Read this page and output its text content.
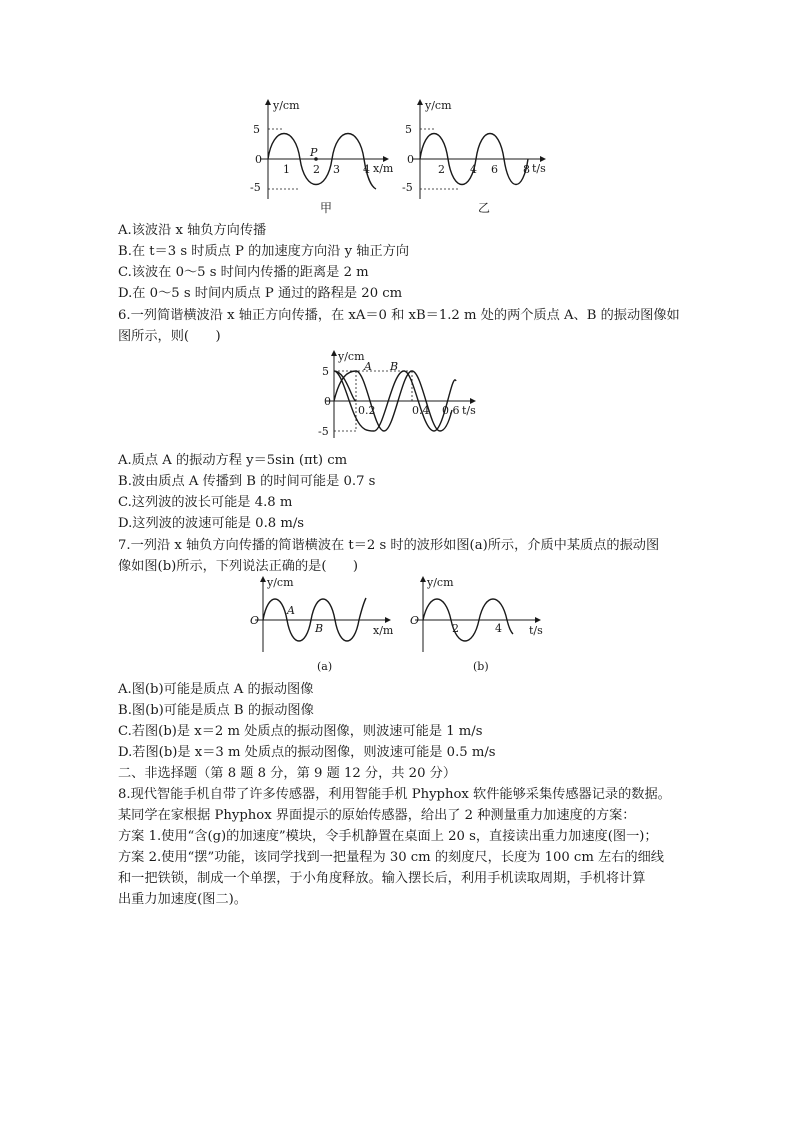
y/cm
5
0
-5
1 2 3 4 x/m
P
甲
y/cm
5
0
-5
2 4 6 8 t/s
乙
A.该波沿 x 轴负方向传播
B.在 t＝3 s 时质点 P 的加速度方向沿 y 轴正方向
C.该波在 0～5 s 时间内传播的距离是 2 m
D.在 0～5 s 时间内质点 P 通过的路程是 20 cm
6.一列简谐横波沿 x 轴正方向传播，在 xA＝0 和 xB＝1.2 m 处的两个质点 A、B 的振动图像如
图所示，则(　　)
y/cm
5
0
-5
A B
0.2	0.4 0.6 t/s
A.质点 A 的振动方程 y＝5sin (πt) cm
B.波由质点 A 传播到 B 的时间可能是 0.7 s
C.这列波的波长可能是 4.8 m
D.这列波的波速可能是 0.8 m/s
7.一列沿 x 轴负方向传播的简谐横波在 t＝2 s 时的波形如图(a)所示，介质中某质点的振动图
像如图(b)所示，下列说法正确的是(　　)
y/cm
O
A
B	x/m
(a)
y/cm
O
2	4 t/s
(b)
A.图(b)可能是质点 A 的振动图像
B.图(b)可能是质点 B 的振动图像
C.若图(b)是 x＝2 m 处质点的振动图像，则波速可能是 1 m/s
D.若图(b)是 x＝3 m 处质点的振动图像，则波速可能是 0.5 m/s
二、非选择题（第 8 题 8 分，第 9 题 12 分，共 20 分）
8.现代智能手机自带了许多传感器，利用智能手机 Phyphox 软件能够采集传感器记录的数据。
某同学在家根据 Phyphox 界面提示的原始传感器，给出了 2 种测量重力加速度的方案：
方案 1.使用“含(g)的加速度”模块，令手机静置在桌面上 20 s，直接读出重力加速度(图一)；
方案 2.使用“摆”功能，该同学找到一把量程为 30 cm 的刻度尺，长度为 100 cm 左右的细线
和一把铁锁，制成一个单摆，于小角度释放。输入摆长后，利用手机读取周期，手机将计算
出重力加速度(图二)。
